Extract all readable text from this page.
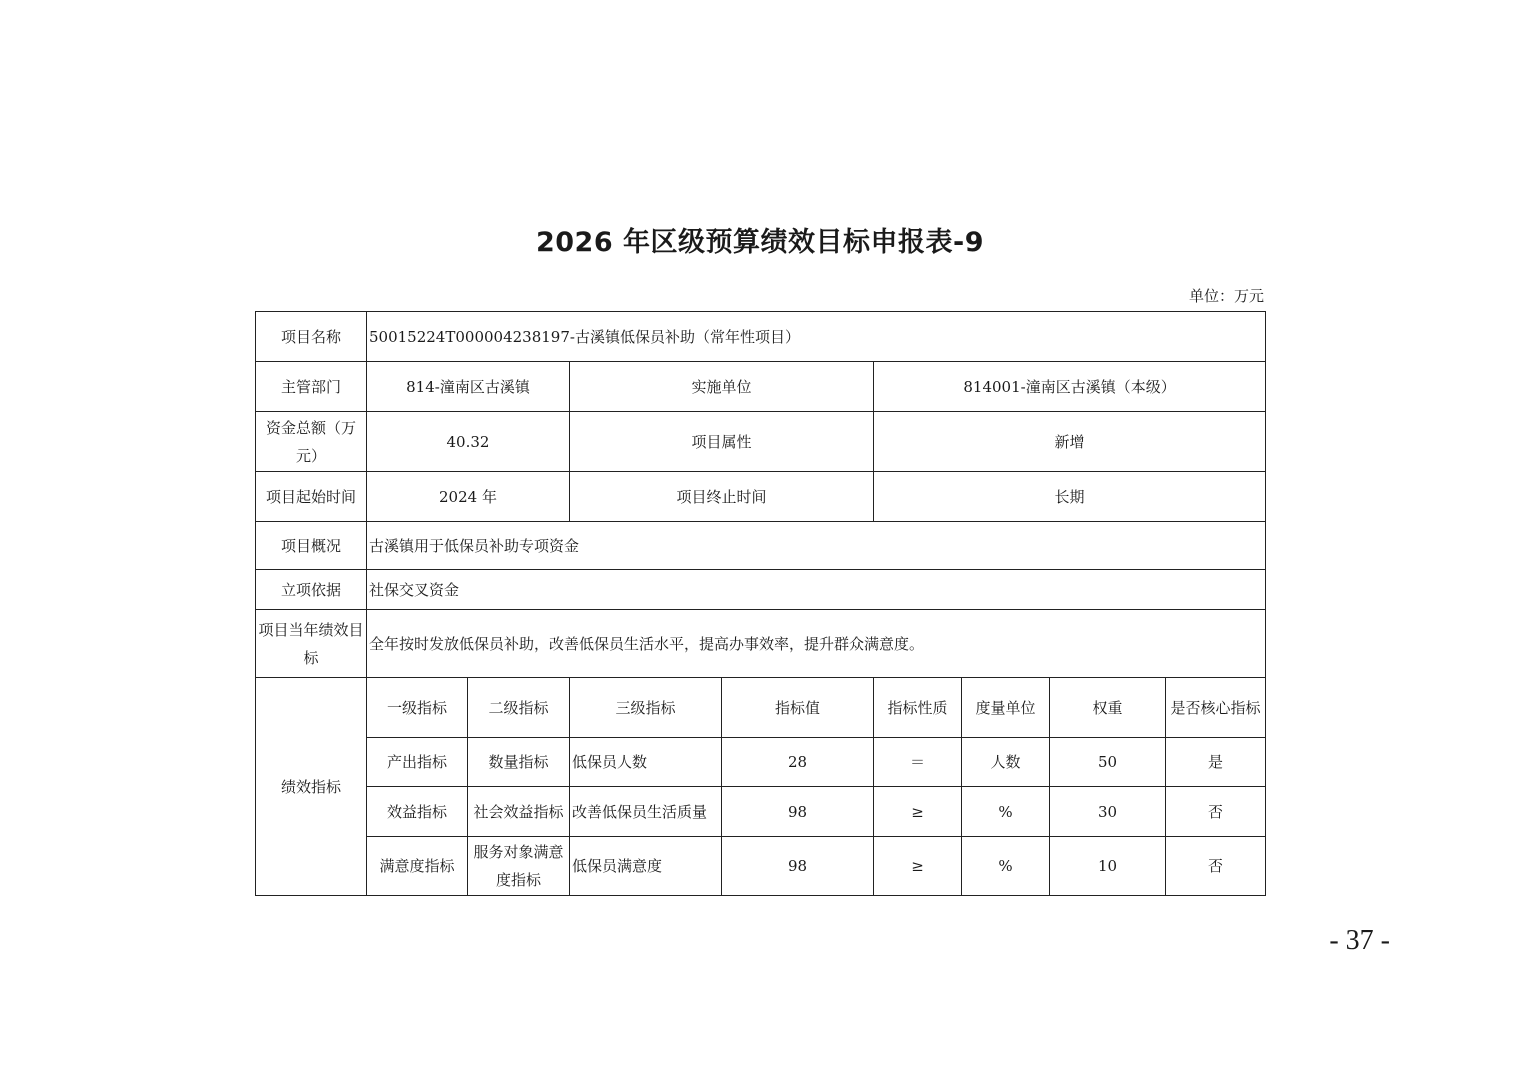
2026 年区级预算绩效目标申报表-9
单位：万元
项目名称	50015224T000004238197-古溪镇低保员补助（常年性项目）							
主管部门	814-潼南区古溪镇		实施单位		814001-潼南区古溪镇（本级）			
资金总额（万元）	40.32		项目属性		新增			
项目起始时间	2024 年		项目终止时间		长期			
项目概况	古溪镇用于低保员补助专项资金							
立项依据	社保交叉资金							
项目当年绩效目标	全年按时发放低保员补助，改善低保员生活水平，提高办事效率，提升群众满意度。							
绩效指标	一级指标	二级指标	三级指标	指标值	指标性质	度量单位	权重	是否核心指标
	产出指标	数量指标	低保员人数	28	＝	人数	50	是
	效益指标	社会效益指标	改善低保员生活质量	98	≥	%	30	否
	满意度指标	服务对象满意度指标	低保员满意度	98	≥	%	10	否
- 37 -
